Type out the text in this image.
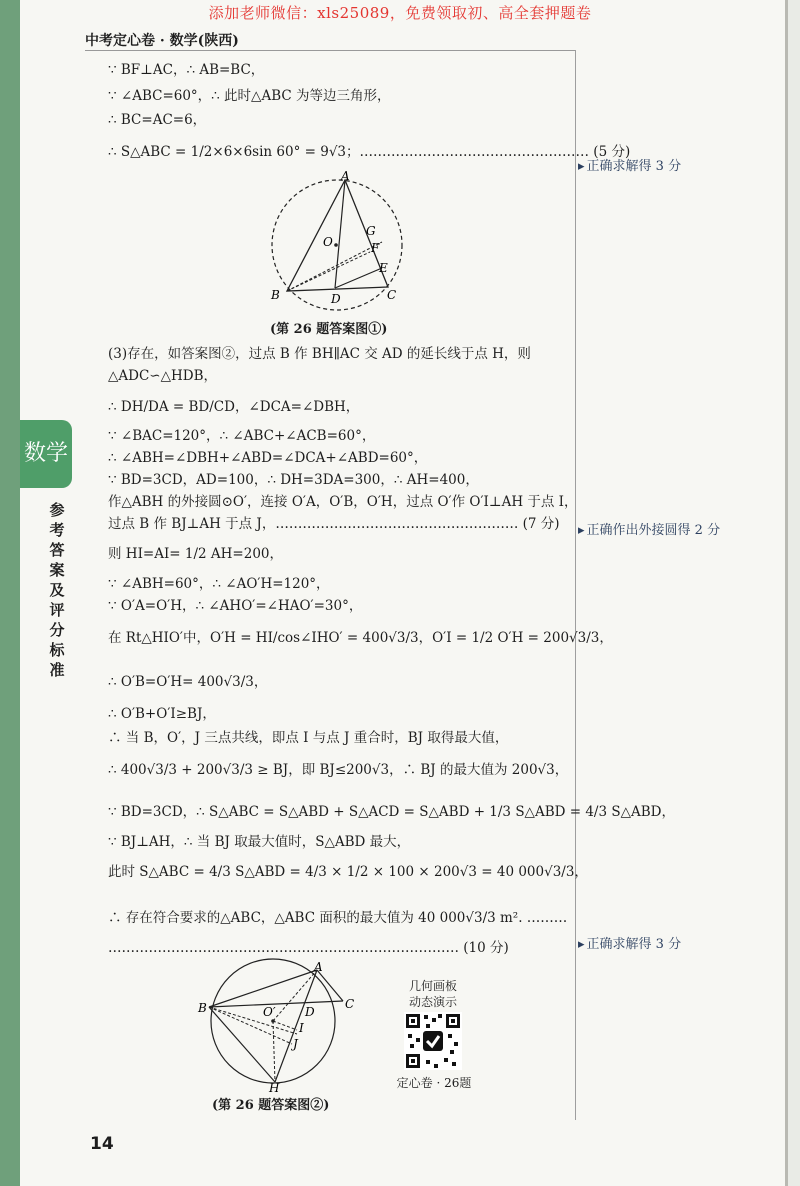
添加老师微信：xls25089，免费领取初、高全套押题卷
中考定心卷 · 数学(陕西)
数学
参
考
答
案
及
评
分
标
准
∵ BF⊥AC，∴ AB=BC，
∵ ∠ABC=60°，∴ 此时△ABC 为等边三角形，
∴ BC=AC=6，
∴ S△ABC = 1/2×6×6sin 60° = 9√3；…………………………………………… (5 分)
A
O
G
F
E
B	D	C
(第 26 题答案图①)
(3)存在，如答案图②，过点 B 作 BH∥AC 交 AD 的延长线于点 H，则
△ADC∽△HDB，
∴ DH/DA = BD/CD，∠DCA=∠DBH，
∵ ∠BAC=120°，∴ ∠ABC+∠ACB=60°，
∴ ∠ABH=∠DBH+∠ABD=∠DCA+∠ABD=60°，
∵ BD=3CD，AD=100，∴ DH=3DA=300，∴ AH=400，
作△ABH 的外接圆⊙O′，连接 O′A，O′B，O′H，过点 O′作 O′I⊥AH 于点 I，
过点 B 作 BJ⊥AH 于点 J，……………………………………………… (7 分)
则 HI=AI= 1/2 AH=200，
∵ ∠ABH=60°，∴ ∠AO′H=120°，
∵ O′A=O′H，∴ ∠AHO′=∠HAO′=30°，
在 Rt△HIO′中，O′H = HI/cos∠IHO′ = 400√3/3，O′I = 1/2 O′H = 200√3/3，
∴ O′B=O′H= 400√3/3，
∴ O′B+O′I≥BJ，
∴ 当 B，O′，J 三点共线，即点 I 与点 J 重合时，BJ 取得最大值，
∴ 400√3/3 + 200√3/3 ≥ BJ，即 BJ≤200√3，∴ BJ 的最大值为 200√3，
∵ BD=3CD，∴ S△ABC = S△ABD + S△ACD = S△ABD + 1/3 S△ABD = 4/3 S△ABD，
∵ BJ⊥AH，∴ 当 BJ 取最大值时，S△ABD 最大，
此时 S△ABC = 4/3 S△ABD = 4/3 × 1/2 × 100 × 200√3 = 40 000√3/3，
∴ 存在符合要求的△ABC，△ABC 面积的最大值为 40 000√3/3 m². ………
…………………………………………………………………… (10 分)
▸ 正确求解得 3 分
▸ 正确作出外接圆得 2 分
▸ 正确求解得 3 分
A
B	O′ D
C
I
J
H
(第 26 题答案图②)
几何画板
动态演示
定心卷 · 26题
14
